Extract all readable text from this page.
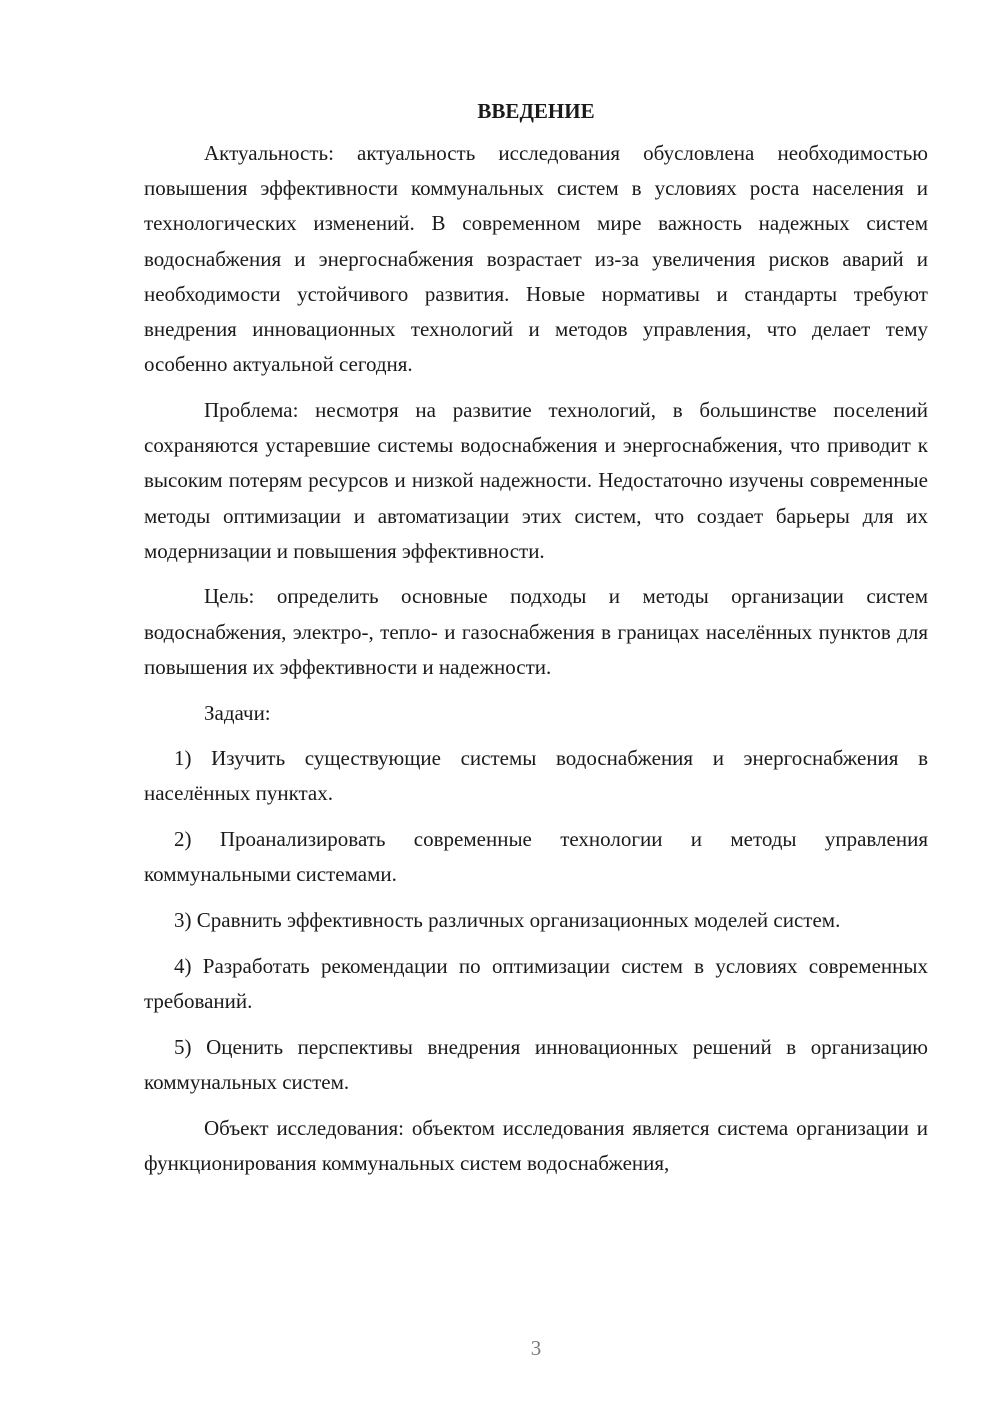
ВВЕДЕНИЕ

Актуальность: актуальность исследования обусловлена необходимостью повышения эффективности коммунальных систем в условиях роста населения и технологических изменений. В современном мире важность надежных систем водоснабжения и энергоснабжения возрастает из-за увеличения рисков аварий и необходимости устойчивого развития. Новые нормативы и стандарты требуют внедрения инновационных технологий и методов управления, что делает тему особенно актуальной сегодня.

Проблема: несмотря на развитие технологий, в большинстве поселений сохраняются устаревшие системы водоснабжения и энергоснабжения, что приводит к высоким потерям ресурсов и низкой надежности. Недостаточно изучены современные методы оптимизации и автоматизации этих систем, что создает барьеры для их модернизации и повышения эффективности.

Цель: определить основные подходы и методы организации систем водоснабжения, электро-, тепло- и газоснабжения в границах населённых пунктов для повышения их эффективности и надежности.

Задачи:

1) Изучить существующие системы водоснабжения и энергоснабжения в населённых пунктах.

2) Проанализировать современные технологии и методы управления коммунальными системами.

3) Сравнить эффективность различных организационных моделей систем.

4) Разработать рекомендации по оптимизации систем в условиях современных требований.

5) Оценить перспективы внедрения инновационных решений в организацию коммунальных систем.

Объект исследования: объектом исследования является система организации и функционирования коммунальных систем водоснабжения,

3
